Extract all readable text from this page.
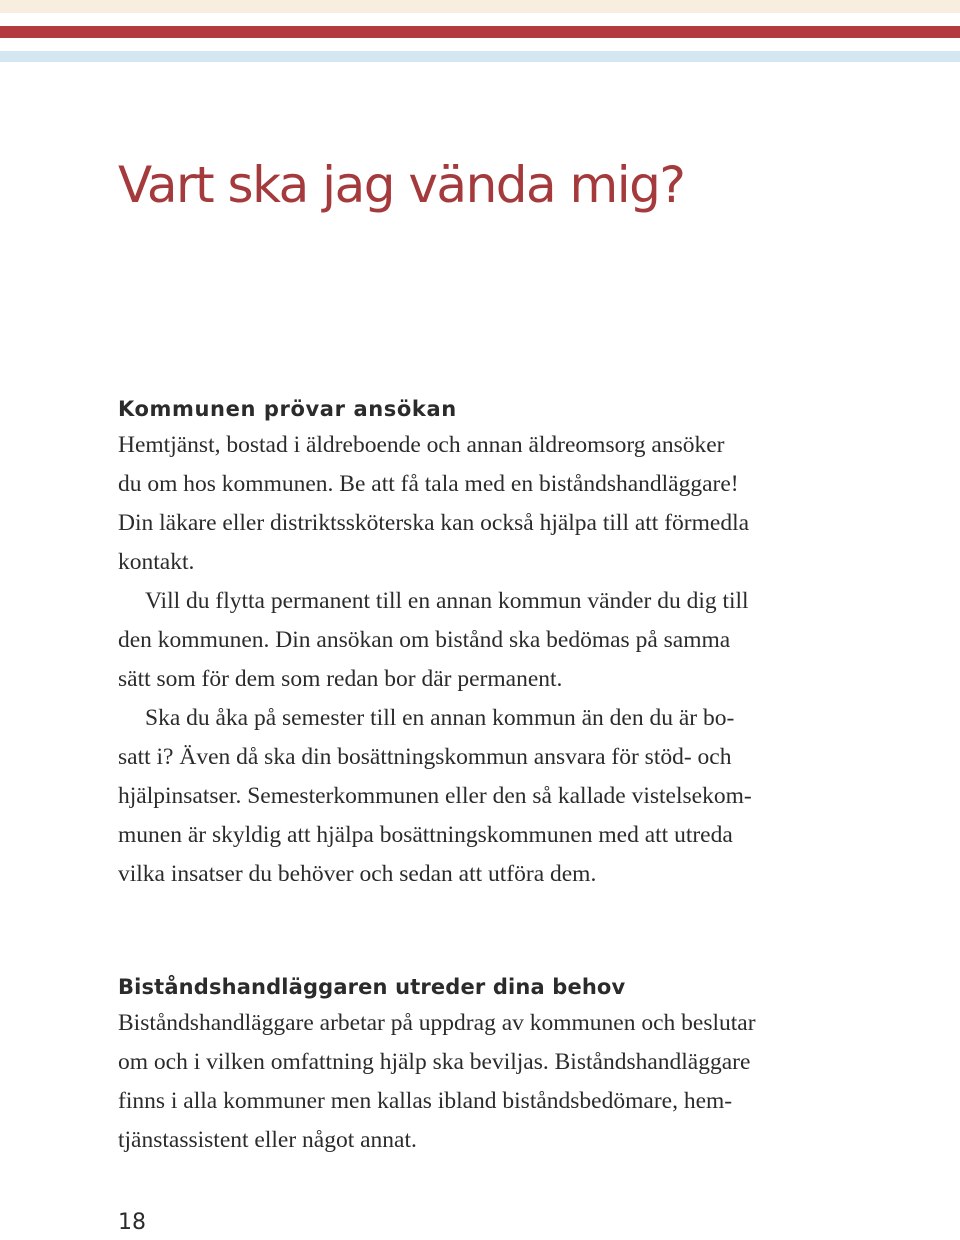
Vart ska jag vända mig?
Kommunen prövar ansökan

Hemtjänst, bostad i äldreboende och annan äldreomsorg ansöker
du om hos kommunen. Be att få tala med en biståndshandläggare!
Din läkare eller distriktssköterska kan också hjälpa till att förmedla
kontakt.

Vill du flytta permanent till en annan kommun vänder du dig till
den kommunen. Din ansökan om bistånd ska bedömas på samma
sätt som för dem som redan bor där permanent.

Ska du åka på semester till en annan kommun än den du är bo-
satt i? Även då ska din bosättningskommun ansvara för stöd- och
hjälpinsatser. Semesterkommunen eller den så kallade vistelsekom-
munen är skyldig att hjälpa bosättningskommunen med att utreda
vilka insatser du behöver och sedan att utföra dem.

Biståndshandläggaren utreder dina behov

Biståndshandläggare arbetar på uppdrag av kommunen och beslutar
om och i vilken omfattning hjälp ska beviljas. Biståndshandläggare
finns i alla kommuner men kallas ibland biståndsbedömare, hem-
tjänstassistent eller något annat.

18
